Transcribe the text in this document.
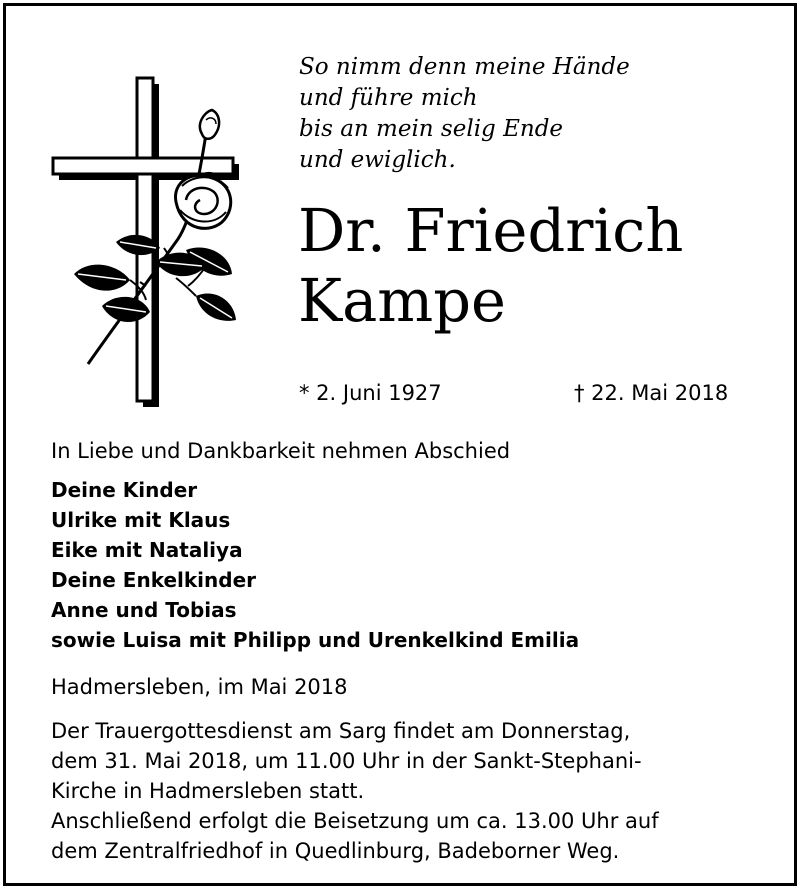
So nimm denn meine Hände
und führe mich
bis an mein selig Ende
und ewiglich.

Dr. Friedrich
Kampe
* 2. Juni 1927	† 22. Mai 2018
In Liebe und Dankbarkeit nehmen Abschied
Deine Kinder
Ulrike mit Klaus
Eike mit Nataliya
Deine Enkelkinder
Anne und Tobias
sowie Luisa mit Philipp und Urenkelkind Emilia
Hadmersleben, im Mai 2018

Der Trauergottesdienst am Sarg findet am Donnerstag,
dem 31. Mai 2018, um 11.00 Uhr in der Sankt-Stephani-
Kirche in Hadmersleben statt.
Anschließend erfolgt die Beisetzung um ca. 13.00 Uhr auf
dem Zentralfriedhof in Quedlinburg, Badeborner Weg.
